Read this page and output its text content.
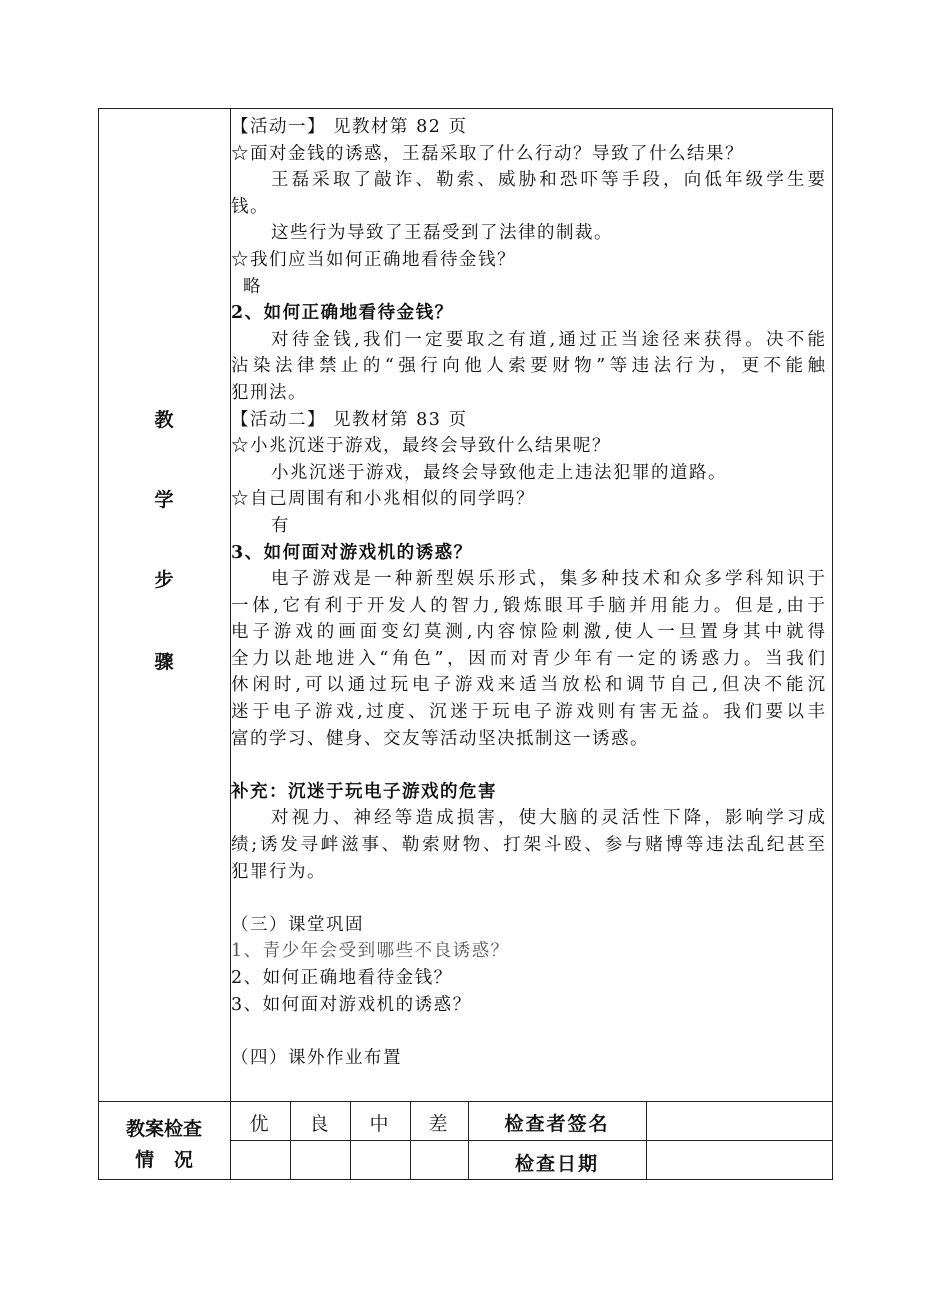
教
学
步
骤
【活动一】 见教材第 82 页
☆面对金钱的诱惑，王磊采取了什么行动？导致了什么结果？
王磊采取了敲诈、勒索、威胁和恐吓等手段，向低年级学生要
钱。
这些行为导致了王磊受到了法律的制裁。
☆我们应当如何正确地看待金钱？
略
2、如何正确地看待金钱？
对待金钱,我们一定要取之有道,通过正当途径来获得。决不能
沾染法律禁止的“强行向他人索要财物”等违法行为，更不能触
犯刑法。
【活动二】 见教材第 83 页
☆小兆沉迷于游戏，最终会导致什么结果呢？
小兆沉迷于游戏，最终会导致他走上违法犯罪的道路。
☆自己周围有和小兆相似的同学吗？
有
3、如何面对游戏机的诱惑？
电子游戏是一种新型娱乐形式，集多种技术和众多学科知识于
一体,它有利于开发人的智力,锻炼眼耳手脑并用能力。但是,由于
电子游戏的画面变幻莫测,内容惊险刺激,使人一旦置身其中就得
全力以赴地进入“角色”，因而对青少年有一定的诱惑力。当我们
休闲时,可以通过玩电子游戏来适当放松和调节自己,但决不能沉
迷于电子游戏,过度、沉迷于玩电子游戏则有害无益。我们要以丰
富的学习、健身、交友等活动坚决抵制这一诱惑。
补充：沉迷于玩电子游戏的危害
对视力、神经等造成损害，使大脑的灵活性下降，影响学习成
绩;诱发寻衅滋事、勒索财物、打架斗殴、参与赌博等违法乱纪甚至
犯罪行为。
（三）课堂巩固
1、青少年会受到哪些不良诱惑？
2、如何正确地看待金钱？
3、如何面对游戏机的诱惑？
（四）课外作业布置
教案检查
情   况
优	良	中	差	检查者签名
检查日期
